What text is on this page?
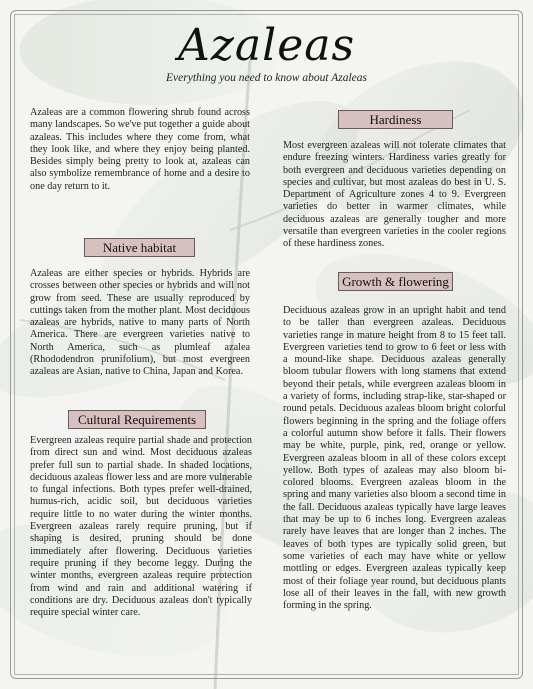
Azaleas
Everything you need to know about Azaleas

Azaleas are a common flowering shrub found across many landscapes. So we've put together a guide about azaleas. This includes where they come from, what they look like, and where they enjoy being planted. Besides simply being pretty to look at, azaleas can also symbolize remembrance of home and a desire to one day return to it.

Native habitat

Azaleas are either species or hybrids. Hybrids are crosses between other species or hybrids and will not grow from seed. These are usually reproduced by cuttings taken from the mother plant. Most deciduous azaleas are hybrids, native to many parts of North America. There are evergreen varieties native to North America, such as plumleaf azalea (Rhododendron prunifolium), but most evergreen azaleas are Asian, native to China, Japan and Korea.

Cultural Requirements

Evergreen azaleas require partial shade and protection from direct sun and wind. Most deciduous azaleas prefer full sun to partial shade. In shaded locations, deciduous azaleas flower less and are more vulnerable to fungal infections. Both types prefer well-drained, humus-rich, acidic soil, but deciduous varieties require little to no water during the winter months. Evergreen azaleas rarely require pruning, but if shaping is desired, pruning should be done immediately after flowering. Deciduous varieties require pruning if they become leggy. During the winter months, evergreen azaleas require protection from wind and rain and additional watering if conditions are dry. Deciduous azaleas don't typically require special winter care.

Hardiness

Most evergreen azaleas will not tolerate climates that endure freezing winters. Hardiness varies greatly for both evergreen and deciduous varieties depending on species and cultivar, but most azaleas do best in U. S. Department of Agriculture zones 4 to 9. Evergreen varieties do better in warmer climates, while deciduous azaleas are generally tougher and more versatile than evergreen varieties in the cooler regions of these hardiness zones.

Growth & flowering

Deciduous azaleas grow in an upright habit and tend to be taller than evergreen azaleas. Deciduous varieties range in mature height from 8 to 15 feet tall. Evergreen varieties tend to grow to 6 feet or less with a mound-like shape. Deciduous azaleas generally bloom tubular flowers with long stamens that extend beyond their petals, while evergreen azaleas bloom in a variety of forms, including strap-like, star-shaped or round petals. Deciduous azaleas bloom bright colorful flowers beginning in the spring and the foliage offers a colorful autumn show before it falls. Their flowers may be white, purple, pink, red, orange or yellow. Evergreen azaleas bloom in all of these colors except yellow. Both types of azaleas may also bloom bi-colored blooms. Evergreen azaleas bloom in the spring and many varieties also bloom a second time in the fall. Deciduous azaleas typically have large leaves that may be up to 6 inches long. Evergreen azaleas rarely have leaves that are longer than 2 inches. The leaves of both types are typically solid green, but some varieties of each may have white or yellow mottling or edges. Evergreen azaleas typically keep most of their foliage year round, but deciduous plants lose all of their leaves in the fall, with new growth forming in the spring.
